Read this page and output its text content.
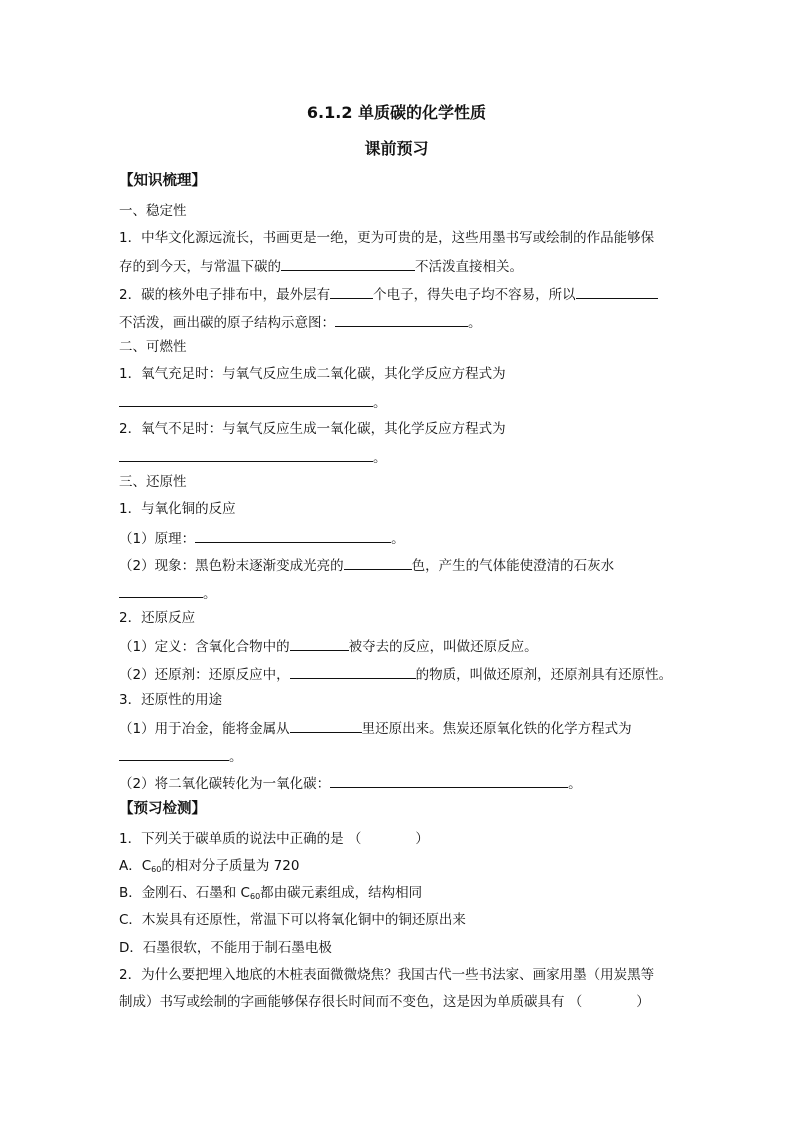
6.1.2 单质碳的化学性质
课前预习
【知识梳理】
一、稳定性
1．中华文化源远流长，书画更是一绝，更为可贵的是，这些用墨书写或绘制的作品能够保
存的到今天，与常温下碳的	不活泼直接相关。
2．碳的核外电子排布中，最外层有	个电子，得失电子均不容易，所以
不活泼，画出碳的原子结构示意图：	。
二、可燃性
1．氧气充足时：与氧气反应生成二氧化碳，其化学反应方程式为
。
2．氧气不足时：与氧气反应生成一氧化碳，其化学反应方程式为
。
三、还原性
1．与氧化铜的反应
（1）原理：	。
（2）现象：黑色粉末逐渐变成光亮的	色，产生的气体能使澄清的石灰水
。
2．还原反应
（1）定义：含氧化合物中的	被夺去的反应，叫做还原反应。
（2）还原剂：还原反应中，	的物质，叫做还原剂，还原剂具有还原性。
3．还原性的用途
（1）用于冶金，能将金属从	里还原出来。焦炭还原氧化铁的化学方程式为
。
（2）将二氧化碳转化为一氧化碳：	。
【预习检测】
1．下列关于碳单质的说法中正确的是 （　　　　）
A．$C_{60}$的相对分子质量为 720
B．金刚石、石墨和 $C_{60}$都由碳元素组成，结构相同
C．木炭具有还原性，常温下可以将氧化铜中的铜还原出来
D．石墨很软，不能用于制石墨电极
2．为什么要把埋入地底的木桩表面微微烧焦？我国古代一些书法家、画家用墨（用炭黑等
制成）书写或绘制的字画能够保存很长时间而不变色，这是因为单质碳具有 （　　　　）
